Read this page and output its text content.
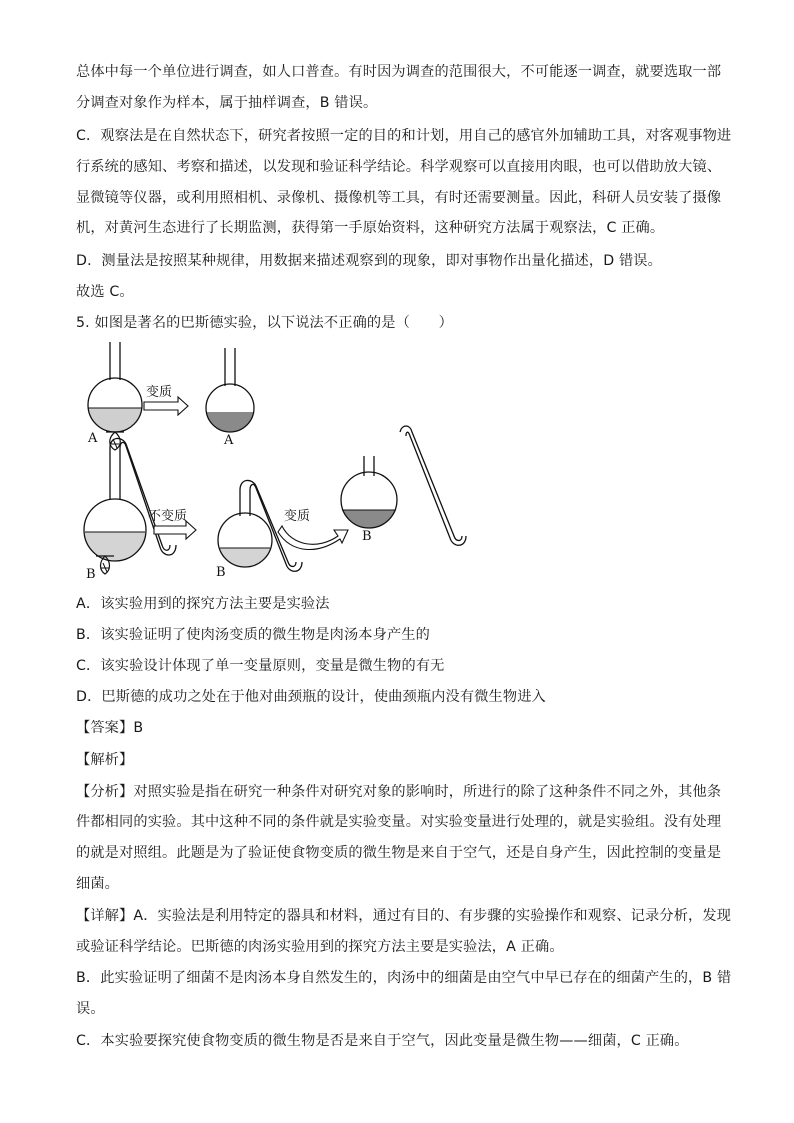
总体中每一个单位进行调查，如人口普查。有时因为调查的范围很大，不可能逐一调查，就要选取一部
分调查对象作为样本，属于抽样调查，B 错误。
C．观察法是在自然状态下，研究者按照一定的目的和计划，用自己的感官外加辅助工具，对客观事物进
行系统的感知、考察和描述，以发现和验证科学结论。科学观察可以直接用肉眼，也可以借助放大镜、
显微镜等仪器，或利用照相机、录像机、摄像机等工具，有时还需要测量。因此，科研人员安装了摄像
机，对黄河生态进行了长期监测，获得第一手原始资料，这种研究方法属于观察法，C 正确。
D．测量法是按照某种规律，用数据来描述观察到的现象，即对事物作出量化描述，D 错误。
故选 C。
5. 如图是著名的巴斯德实验，以下说法不正确的是（　　）
A
变质
A
B
不变质
B
变质
B
A．该实验用到的探究方法主要是实验法
B．该实验证明了使肉汤变质的微生物是肉汤本身产生的
C．该实验设计体现了单一变量原则，变量是微生物的有无
D．巴斯德的成功之处在于他对曲颈瓶的设计，使曲颈瓶内没有微生物进入
【答案】B
【解析】
【分析】对照实验是指在研究一种条件对研究对象的影响时，所进行的除了这种条件不同之外，其他条
件都相同的实验。其中这种不同的条件就是实验变量。对实验变量进行处理的，就是实验组。没有处理
的就是对照组。此题是为了验证使食物变质的微生物是来自于空气，还是自身产生，因此控制的变量是
细菌。
【详解】A．实验法是利用特定的器具和材料，通过有目的、有步骤的实验操作和观察、记录分析，发现
或验证科学结论。巴斯德的肉汤实验用到的探究方法主要是实验法，A 正确。
B．此实验证明了细菌不是肉汤本身自然发生的，肉汤中的细菌是由空气中早已存在的细菌产生的，B 错
误。
C．本实验要探究使食物变质的微生物是否是来自于空气，因此变量是微生物——细菌，C 正确。
